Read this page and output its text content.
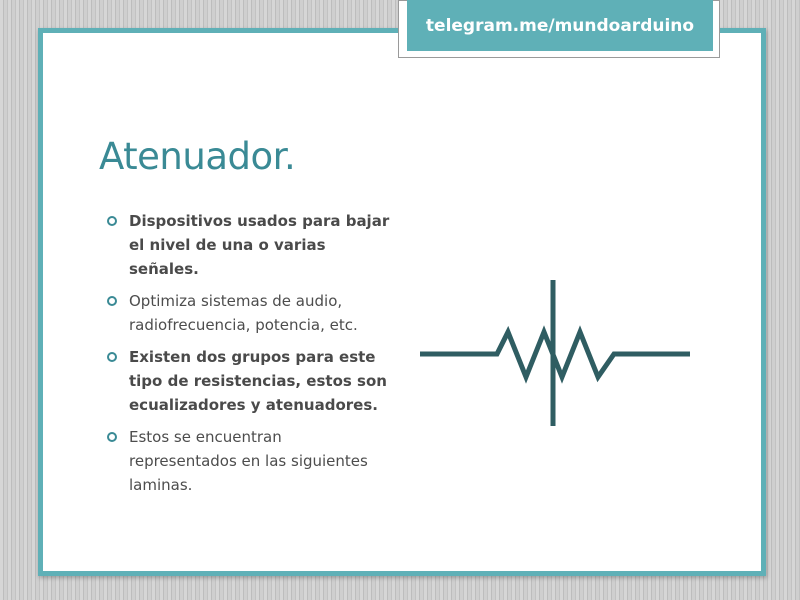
telegram.me/mundoarduino
Atenuador.
Dispositivos usados para bajar el nivel de una o varias señales.
Optimiza sistemas de audio, radiofrecuencia, potencia, etc.
Existen dos grupos para este tipo de resistencias, estos son ecualizadores y atenuadores.
Estos se encuentran representados en las siguientes laminas.
